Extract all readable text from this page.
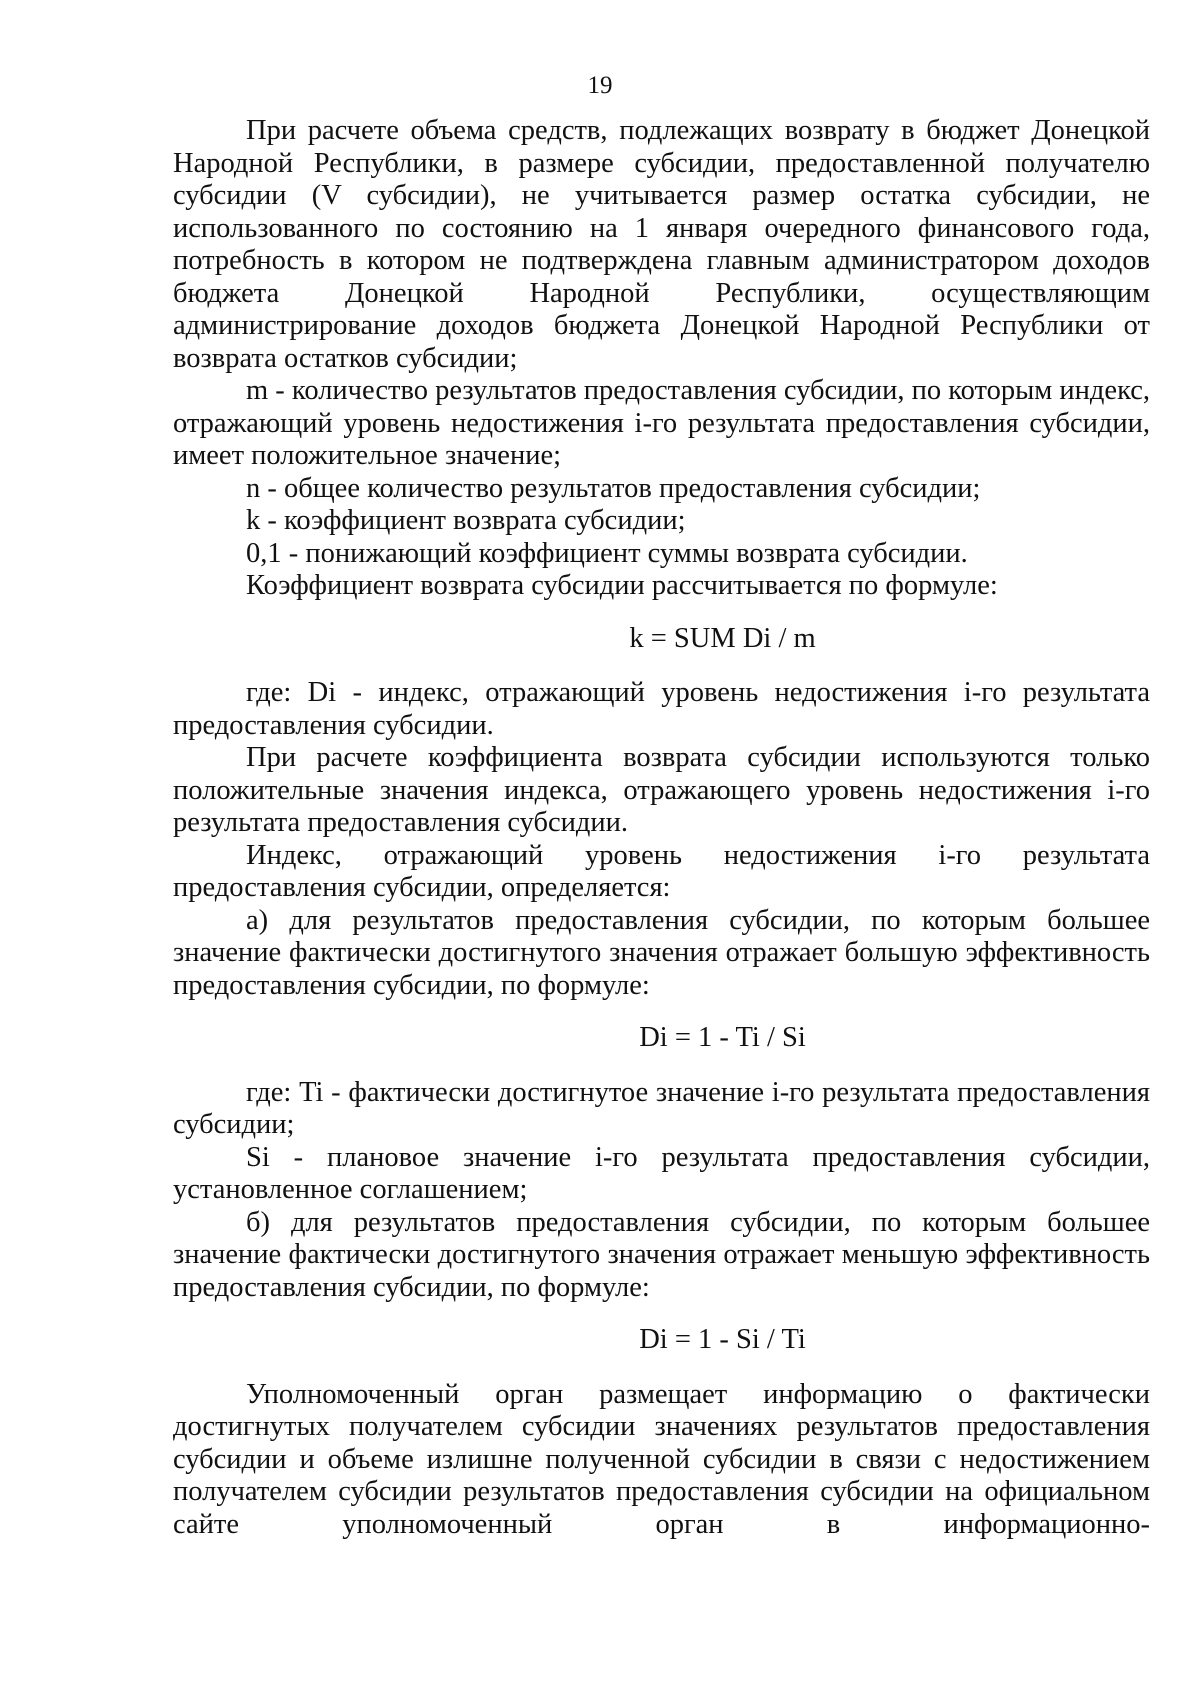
19

При расчете объема средств, подлежащих возврату в бюджет Донецкой Народной Республики, в размере субсидии, предоставленной получателю субсидии (V субсидии), не учитывается размер остатка субсидии, не использованного по состоянию на 1 января очередного финансового года, потребность в котором не подтверждена главным администратором доходов бюджета Донецкой Народной Республики, осуществляющим администрирование доходов бюджета Донецкой Народной Республики от возврата остатков субсидии;

m - количество результатов предоставления субсидии, по которым индекс, отражающий уровень недостижения i-го результата предоставления субсидии, имеет положительное значение;

n - общее количество результатов предоставления субсидии;

k - коэффициент возврата субсидии;

0,1 - понижающий коэффициент суммы возврата субсидии.

Коэффициент возврата субсидии рассчитывается по формуле:

k = SUM Di / m

где: Di - индекс, отражающий уровень недостижения i-го результата предоставления субсидии.

При расчете коэффициента возврата субсидии используются только положительные значения индекса, отражающего уровень недостижения i-го результата предоставления субсидии.

Индекс, отражающий уровень недостижения i-го результата предоставления субсидии, определяется:

а) для результатов предоставления субсидии, по которым большее значение фактически достигнутого значения отражает большую эффективность предоставления субсидии, по формуле:

Di = 1 - Ti / Si

где: Ti - фактически достигнутое значение i-го результата предоставления субсидии;

Si - плановое значение i-го результата предоставления субсидии, установленное соглашением;

б) для результатов предоставления субсидии, по которым большее значение фактически достигнутого значения отражает меньшую эффективность предоставления субсидии, по формуле:

Di = 1 - Si / Ti

Уполномоченный орган размещает информацию о фактически достигнутых получателем субсидии значениях результатов предоставления субсидии и объеме излишне полученной субсидии в связи с недостижением получателем субсидии результатов предоставления субсидии на официальном сайте уполномоченный орган в информационно-
